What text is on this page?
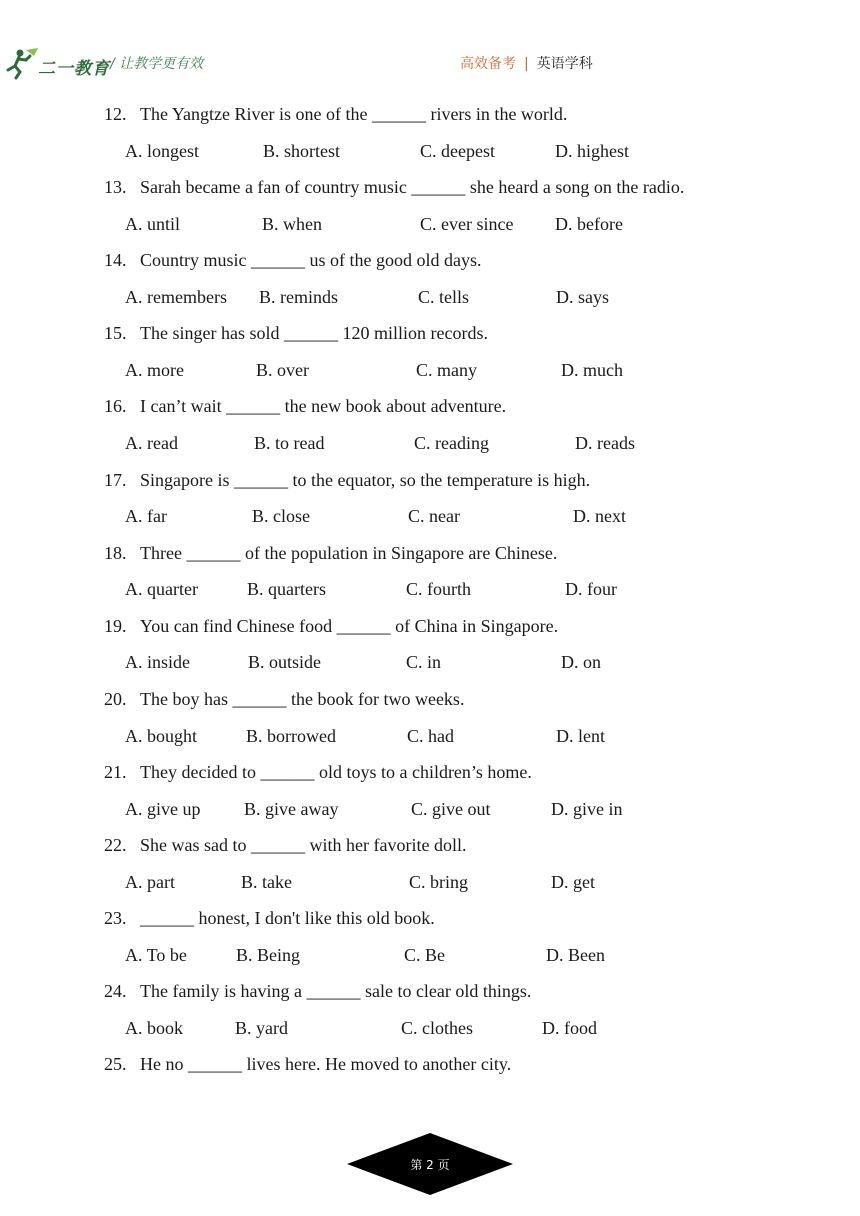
二一教育 / 让教学更有效	高效备考 | 英语学科
12. The Yangtze River is one of the ______ rivers in the world.
A. longest	B. shortest	C. deepest	D. highest
13. Sarah became a fan of country music ______ she heard a song on the radio.
A. until	B. when	C. ever since D. before
14. Country music ______ us of the good old days.
A. remembers B. reminds	C. tells	D. says
15. The singer has sold ______ 120 million records.
A. more	B. over	C. many	D. much
16. I can’t wait ______ the new book about adventure.
A. read	B. to read	C. reading	D. reads
17. Singapore is ______ to the equator, so the temperature is high.
A. far	B. close	C. near	D. next
18. Three ______ of the population in Singapore are Chinese.
A. quarter	B. quarters	C. fourth	D. four
19. You can find Chinese food ______ of China in Singapore.
A. inside	B. outside	C. in	D. on
20. The boy has ______ the book for two weeks.
A. bought	B. borrowed	C. had	D. lent
21. They decided to ______ old toys to a children’s home.
A. give up B. give away	C. give out	D. give in
22. She was sad to ______ with her favorite doll.
A. part	B. take	C. bring	D. get
23. ______ honest, I don't like this old book.
A. To be	B. Being	C. Be	D. Been
24. The family is having a ______ sale to clear old things.
A. book	B. yard	C. clothes	D. food
25. He no ______ lives here. He moved to another city.
第 2 页
